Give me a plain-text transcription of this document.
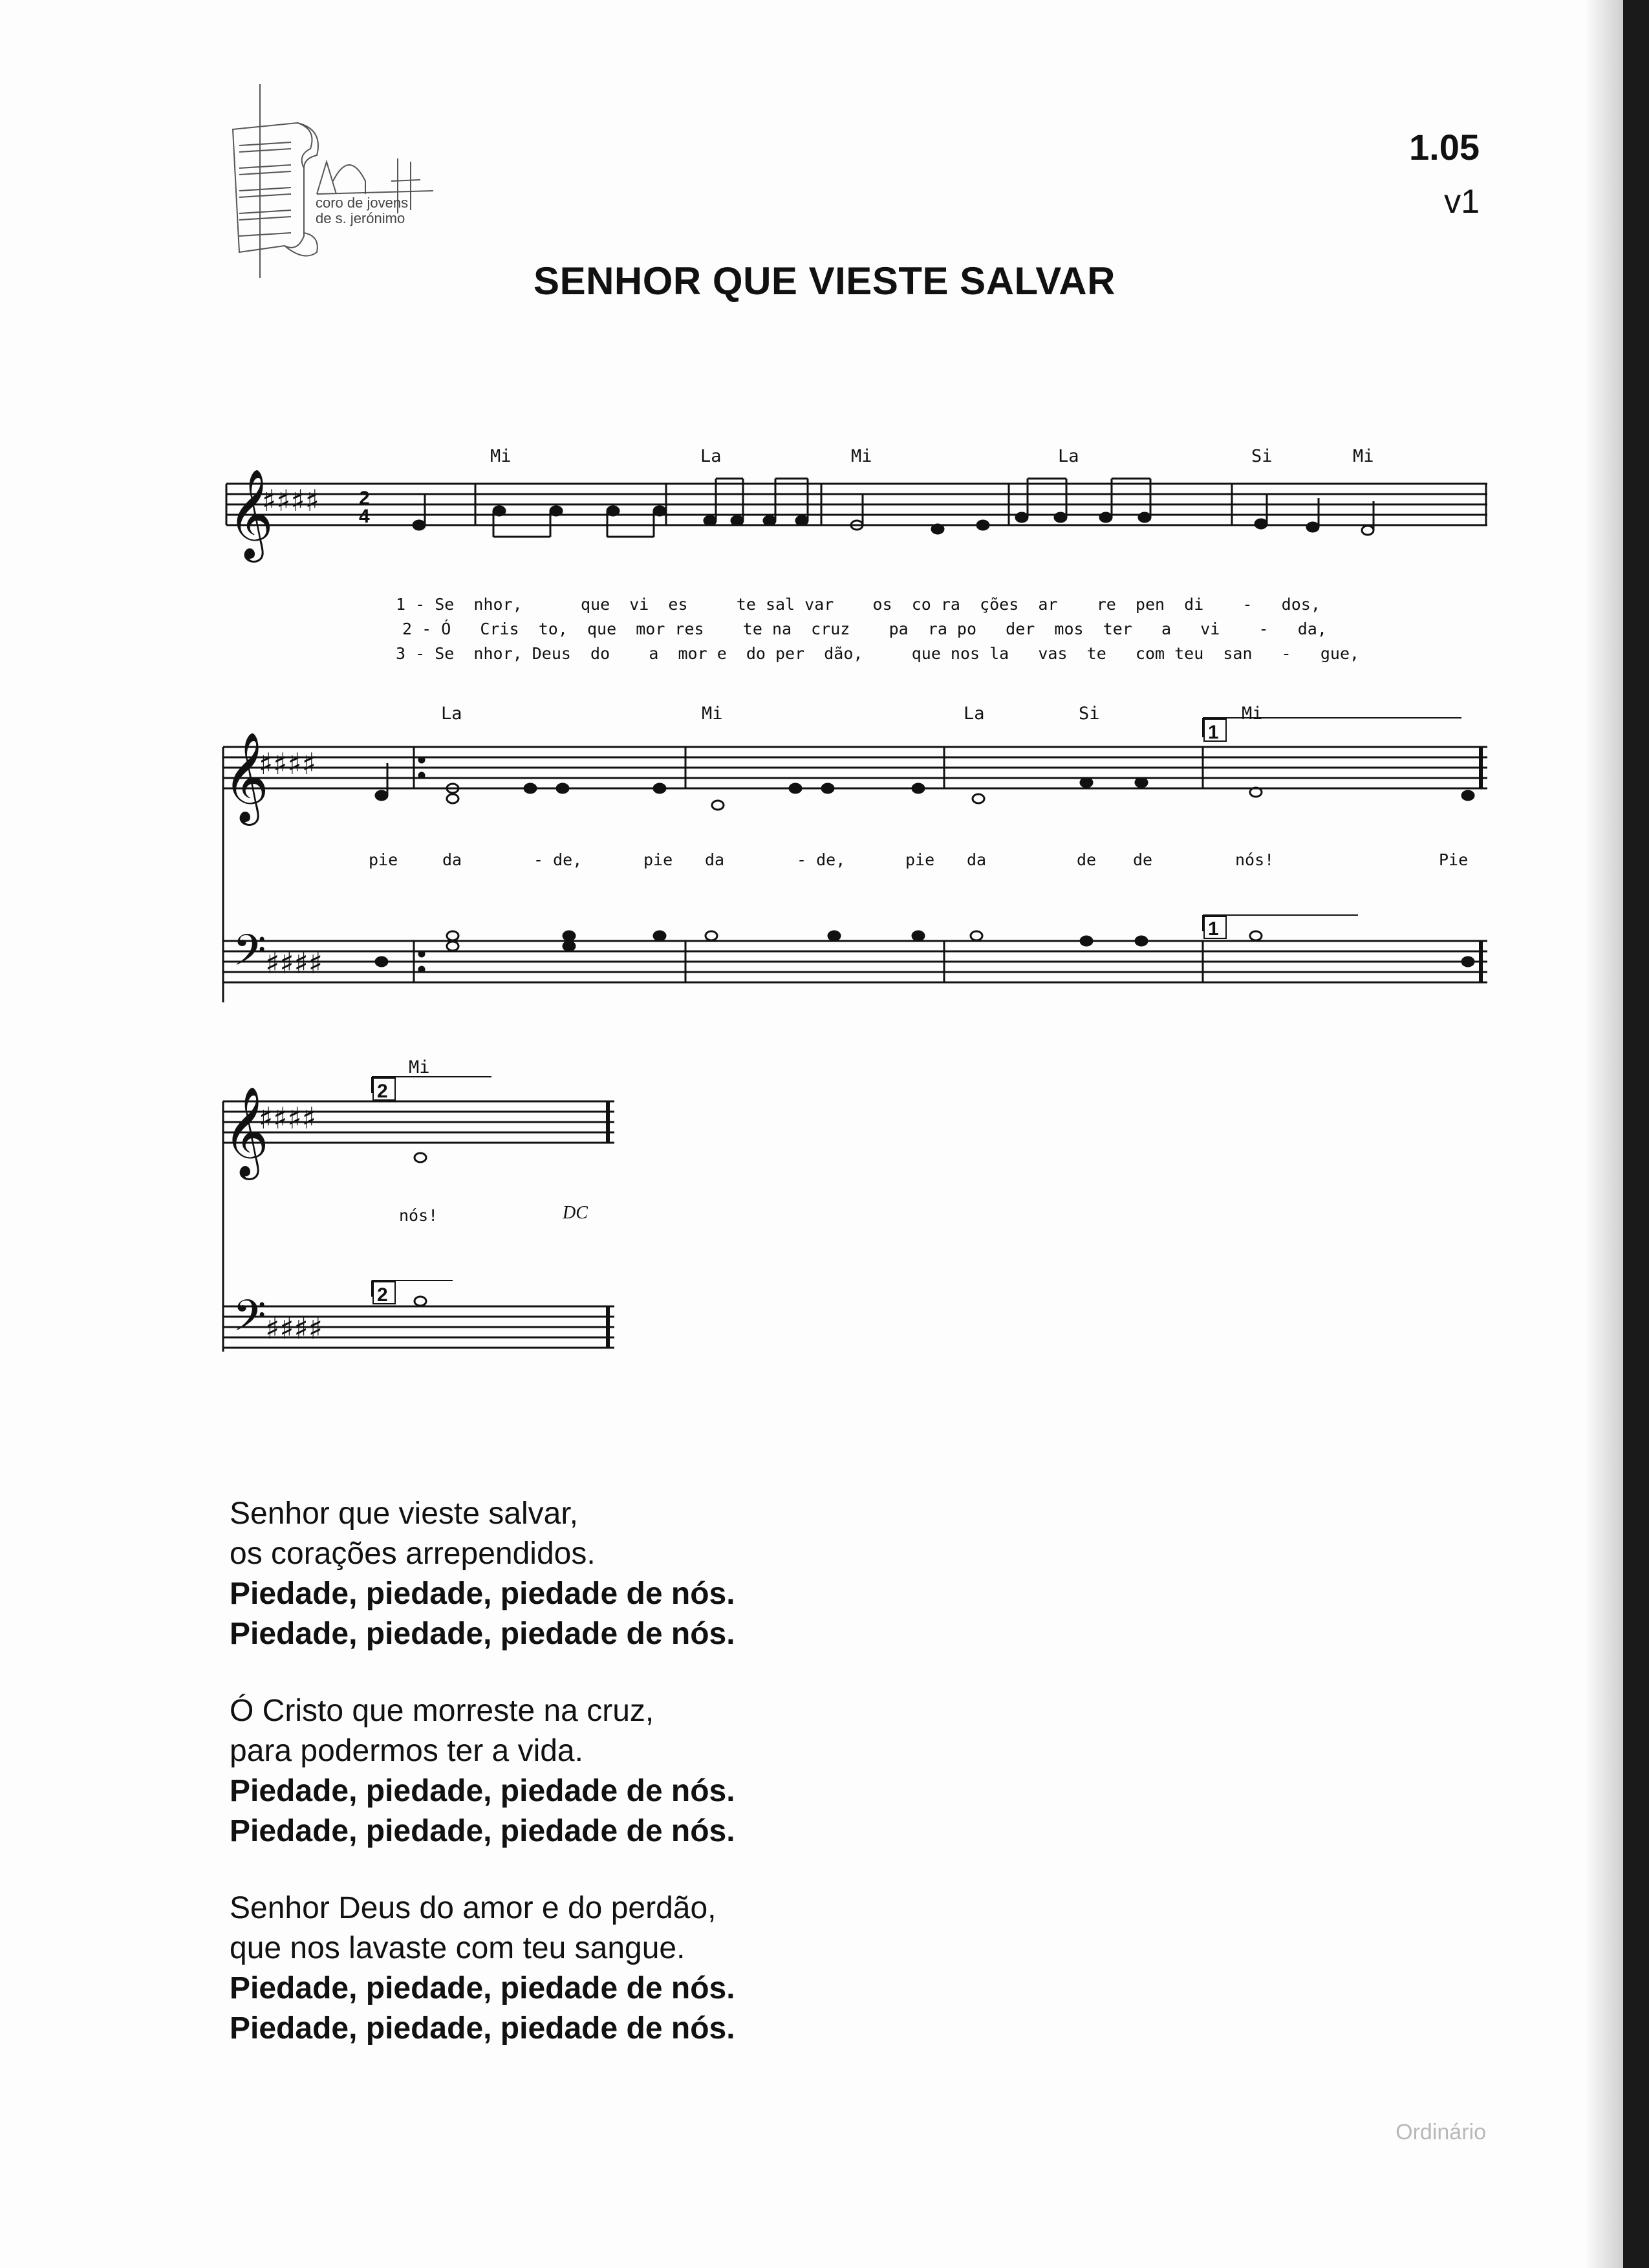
coro de jovens
de s. jerónimo
1.05
v1
SENHOR QUE VIESTE SALVAR
𝄞
♯♯♯♯ 2
4
𝄞
♯♯♯♯
1
𝄢
♯♯♯♯
1
𝄞
♯♯♯♯
2
𝄢
♯♯♯♯
2
Mi	La	Mi	La	Si	Mi
1 - Se  nhor,      que  vi  es     te sal var    os  co ra  ções  ar    re  pen  di    -   dos,
2 - Ó   Cris  to,  que  mor res    te na  cruz    pa  ra po   der  mos  ter   a   vi    -   da,
3 - Se  nhor, Deus  do    a  mor e  do per  dão,     que nos la   vas  te   com teu  san   -   gue,
La	Mi	La	Si	Mi
pie	da	- de,	pie da	- de,	pie da	de de	nós!	Pie
Mi
nós!	DC
Senhor que vieste salvar,
os corações arrependidos.
Piedade, piedade, piedade de nós.
Piedade, piedade, piedade de nós.
Ó Cristo que morreste na cruz,
para podermos ter a vida.
Piedade, piedade, piedade de nós.
Piedade, piedade, piedade de nós.
Senhor Deus do amor e do perdão,
que nos lavaste com teu sangue.
Piedade, piedade, piedade de nós.
Piedade, piedade, piedade de nós.
Ordinário
